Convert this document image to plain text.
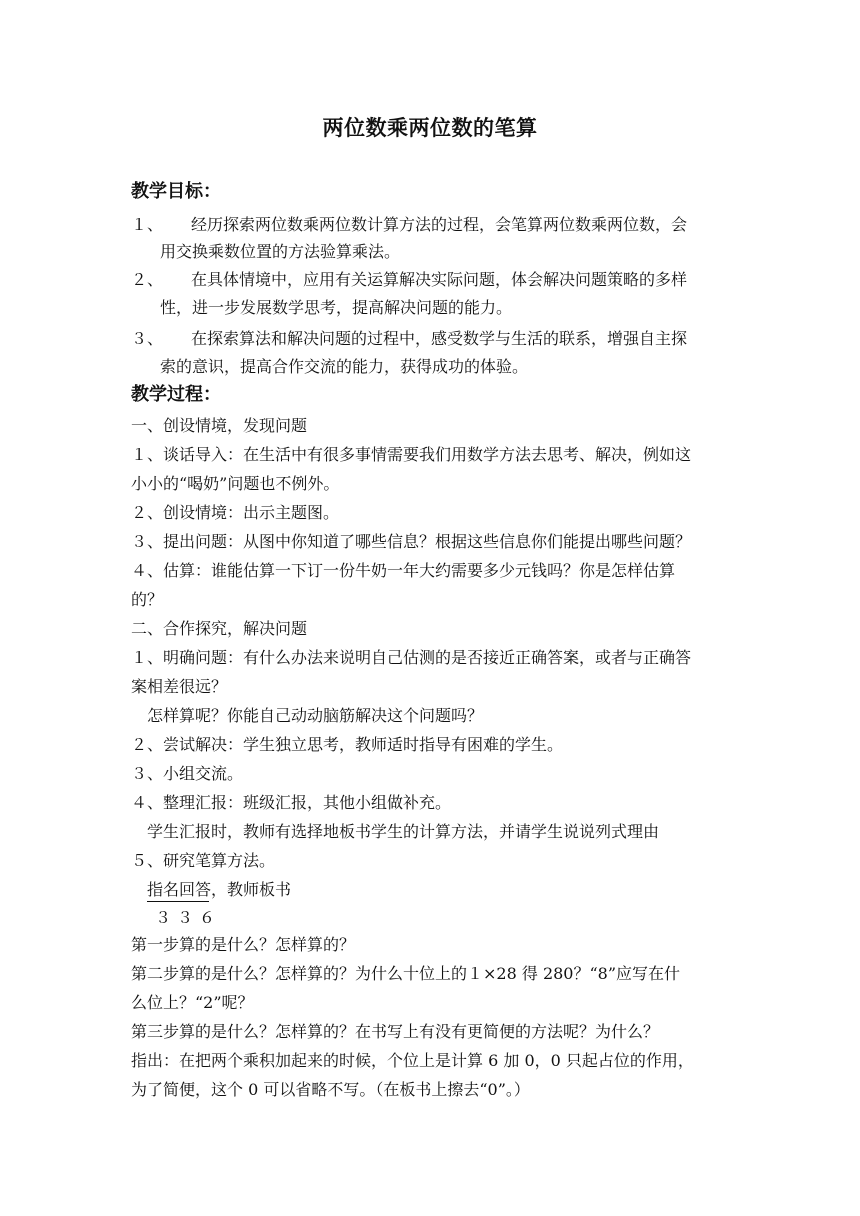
两位数乘两位数的笔算
教学目标：
１、 经历探索两位数乘两位数计算方法的过程，会笔算两位数乘两位数，会
用交换乘数位置的方法验算乘法。
２、 在具体情境中，应用有关运算解决实际问题，体会解决问题策略的多样
性，进一步发展数学思考，提高解决问题的能力。
３、 在探索算法和解决问题的过程中，感受数学与生活的联系，增强自主探
索的意识，提高合作交流的能力，获得成功的体验。
教学过程：
一、创设情境，发现问题
１、谈话导入：在生活中有很多事情需要我们用数学方法去思考、解决，例如这
小小的“喝奶”问题也不例外。
２、创设情境：出示主题图。
３、提出问题：从图中你知道了哪些信息？根据这些信息你们能提出哪些问题？
４、估算：谁能估算一下订一份牛奶一年大约需要多少元钱吗？你是怎样估算
的？
二、合作探究，解决问题
１、明确问题：有什么办法来说明自己估测的是否接近正确答案，或者与正确答
案相差很远？
怎样算呢？你能自己动动脑筋解决这个问题吗？
２、尝试解决：学生独立思考，教师适时指导有困难的学生。
３、小组交流。
４、整理汇报：班级汇报，其他小组做补充。
学生汇报时，教师有选择地板书学生的计算方法，并请学生说说列式理由
５、研究笔算方法。
指名回答，教师板书
３３６
第一步算的是什么？怎样算的？
第二步算的是什么？怎样算的？为什么十位上的１×28 得 280？“8”应写在什
么位上？“2”呢？
第三步算的是什么？怎样算的？在书写上有没有更简便的方法呢？为什么？
指出：在把两个乘积加起来的时候，个位上是计算 6 加 0，0 只起占位的作用，
为了简便，这个 0 可以省略不写。（在板书上擦去“0”。）
